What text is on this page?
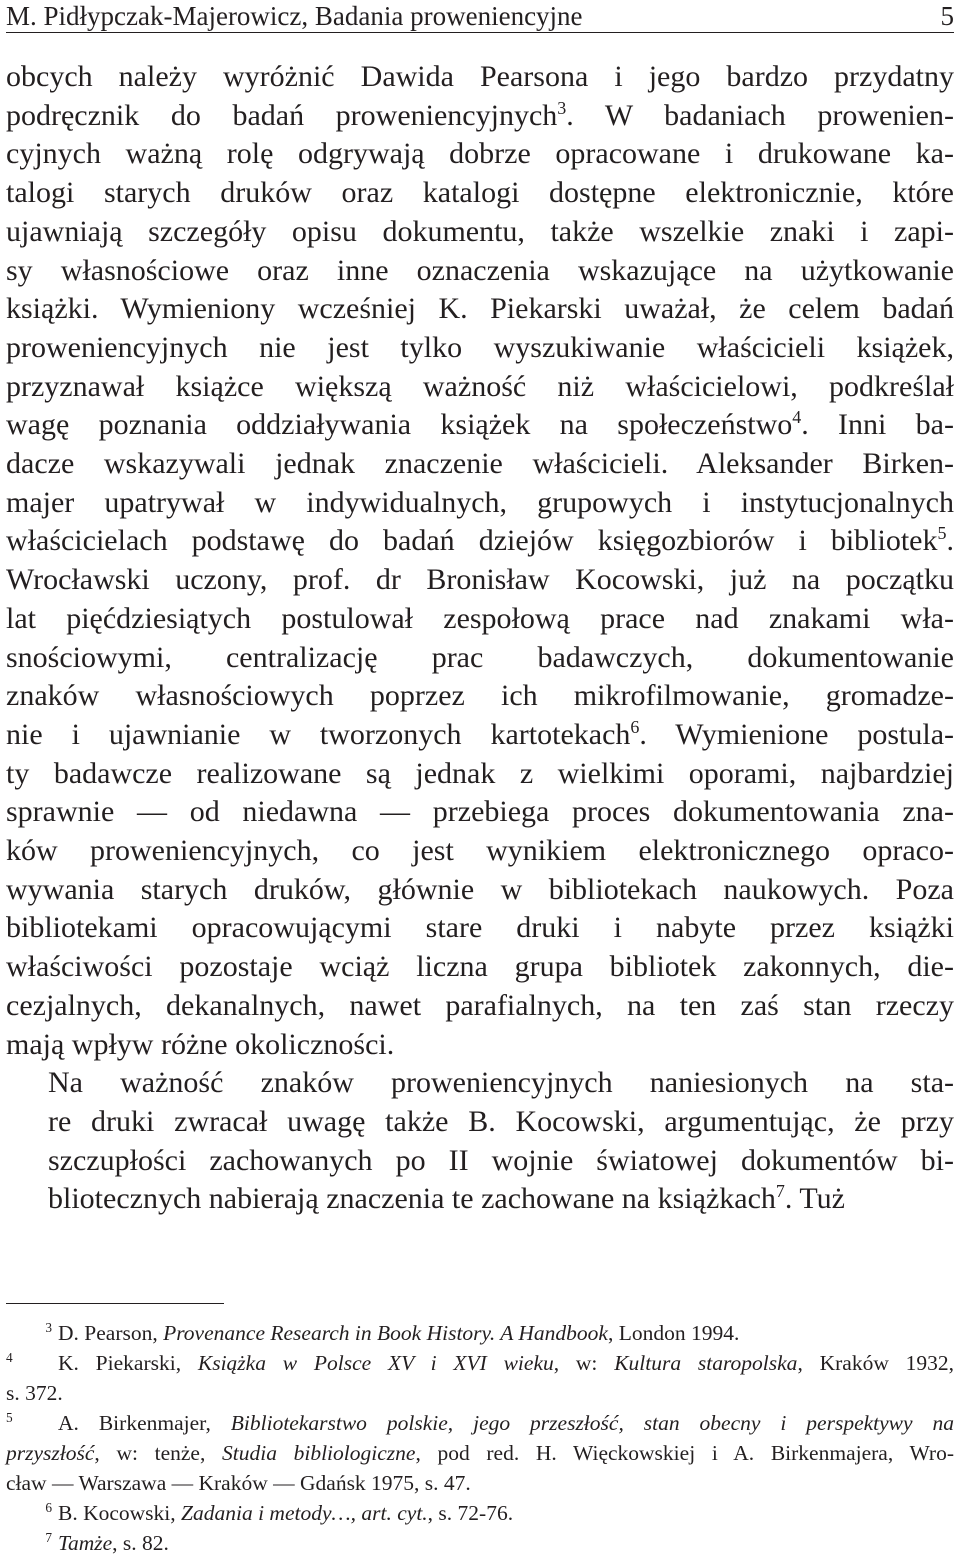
M. Pidłypczak-Majerowicz, Badania proweniencyjne	5
obcych należy wyróżnić Dawida Pearsona i jego bardzo przydatny
podręcznik do badań proweniencyjnych$^3$. W badaniach prowenien-
cyjnych ważną rolę odgrywają dobrze opracowane i drukowane ka-
talogi starych druków oraz katalogi dostępne elektronicznie, które
ujawniają szczegóły opisu dokumentu, także wszelkie znaki i zapi-
sy własnościowe oraz inne oznaczenia wskazujące na użytkowanie
książki. Wymieniony wcześniej K. Piekarski uważał, że celem badań
proweniencyjnych nie jest tylko wyszukiwanie właścicieli książek,
przyznawał książce większą ważność niż właścicielowi, podkreślał
wagę poznania oddziaływania książek na społeczeństwo$^4$. Inni ba-
dacze wskazywali jednak znaczenie właścicieli. Aleksander Birken-
majer upatrywał w indywidualnych, grupowych i instytucjonalnych
właścicielach podstawę do badań dziejów księgozbiorów i bibliotek$^5$.
Wrocławski uczony, prof. dr Bronisław Kocowski, już na początku
lat pięćdziesiątych postulował zespołową prace nad znakami wła-
snościowymi, centralizację prac badawczych, dokumentowanie
znaków własnościowych poprzez ich mikrofilmowanie, gromadze-
nie i ujawnianie w tworzonych kartotekach$^6$. Wymienione postula-
ty badawcze realizowane są jednak z wielkimi oporami, najbardziej
sprawnie — od niedawna — przebiega proces dokumentowania zna-
ków proweniencyjnych, co jest wynikiem elektronicznego opraco-
wywania starych druków, głównie w bibliotekach naukowych. Poza
bibliotekami opracowującymi stare druki i nabyte przez książki
właściwości pozostaje wciąż liczna grupa bibliotek zakonnych, die-
cezjalnych, dekanalnych, nawet parafialnych, na ten zaś stan rzeczy
mają wpływ różne okoliczności.
Na ważność znaków proweniencyjnych naniesionych na sta-
re druki zwracał uwagę także B. Kocowski, argumentując, że przy
szczupłości zachowanych po II wojnie światowej dokumentów bi-
bliotecznych nabierają znaczenia te zachowane na książkach$^7$. Tuż

$^3$ D. Pearson, Provenance Research in Book History. A Handbook, London 1994.

$^4$ K. Piekarski, Książka w Polsce XV i XVI wieku, w: Kultura staropolska, Kraków 1932,
s. 372.

$^5$ A. Birkenmajer, Bibliotekarstwo polskie, jego przeszłość, stan obecny i perspektywy na
przyszłość, w: tenże, Studia bibliologiczne, pod red. H. Więckowskiej i A. Birkenmajera, Wro-
cław — Warszawa — Kraków — Gdańsk 1975, s. 47.

$^6$ B. Kocowski, Zadania i metody…, art. cyt., s. 72-76.

$^7$ Tamże, s. 82.
